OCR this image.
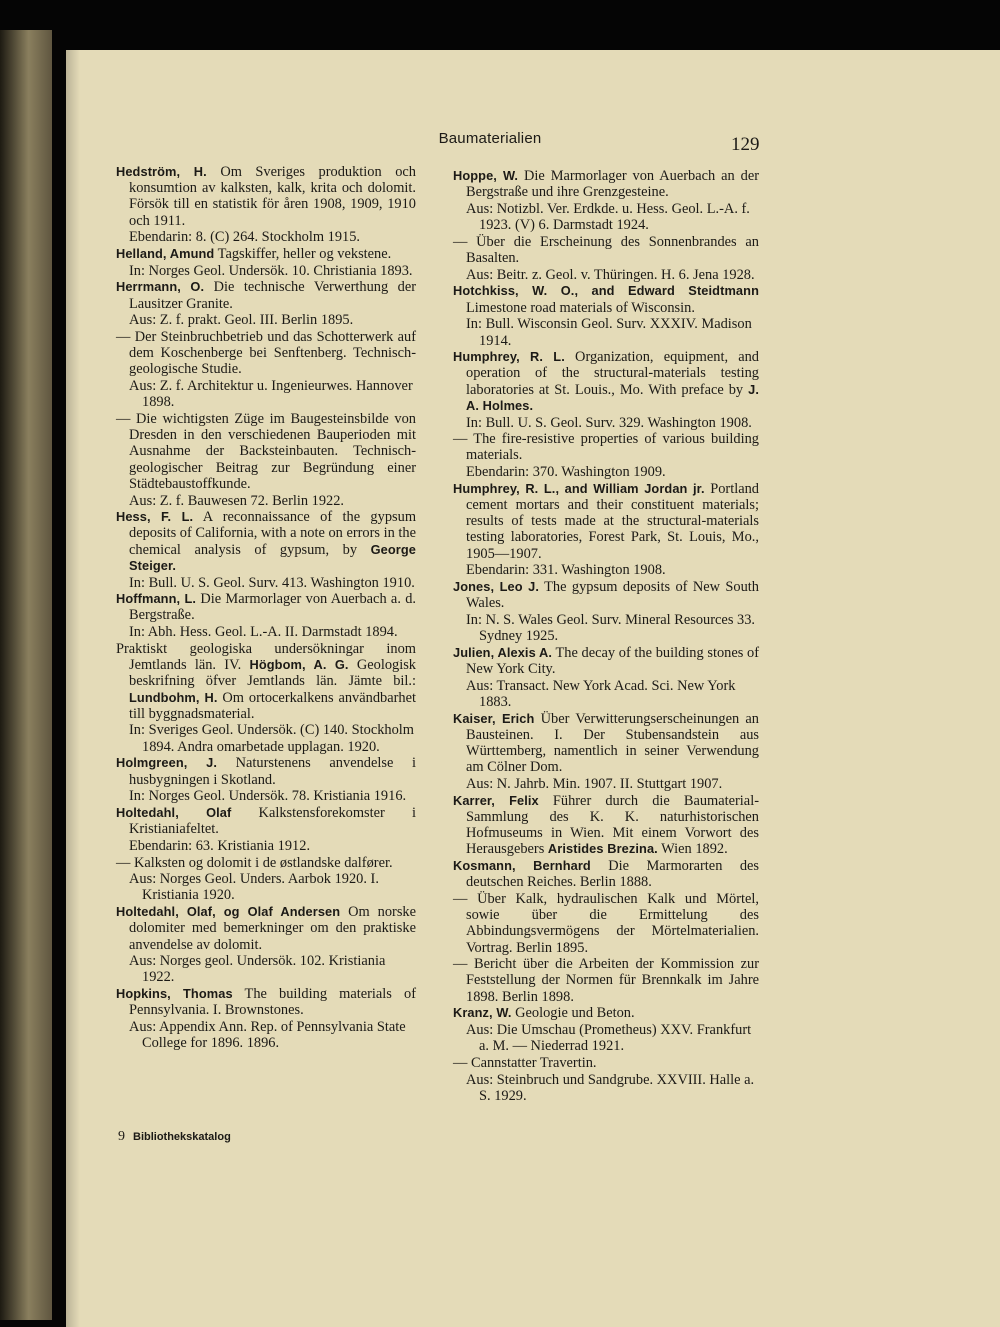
Baumaterialien	129
Hedström, H. Om Sveriges produktion och konsumtion av kalksten, kalk, krita och dolomit. Försök till en statistik för åren 1908, 1909, 1910 och 1911.
Ebendarin: 8. (C) 264. Stockholm 1915.
Helland, Amund Tagskiffer, heller og vekstene.
In: Norges Geol. Undersök. 10. Christiania 1893.
Herrmann, O. Die technische Verwerthung der Lausitzer Granite.
Aus: Z. f. prakt. Geol. III. Berlin 1895.
— Der Steinbruchbetrieb und das Schotterwerk auf dem Koschenberge bei Senftenberg. Technisch-geologische Studie.
Aus: Z. f. Architektur u. Ingenieurwes. Hannover 1898.
— Die wichtigsten Züge im Baugesteinsbilde von Dresden in den verschiedenen Bauperioden mit Ausnahme der Backsteinbauten. Technisch-geologischer Beitrag zur Begründung einer Städtebaustoffkunde.
Aus: Z. f. Bauwesen 72. Berlin 1922.
Hess, F. L. A reconnaissance of the gypsum deposits of California, with a note on errors in the chemical analysis of gypsum, by George Steiger.
In: Bull. U. S. Geol. Surv. 413. Washington 1910.
Hoffmann, L. Die Marmorlager von Auerbach a. d. Bergstraße.
In: Abh. Hess. Geol. L.-A. II. Darmstadt 1894.
Praktiskt geologiska undersökningar inom Jemtlands län. IV. Högbom, A. G. Geologisk beskrifning öfver Jemtlands län. Jämte bil.: Lundbohm, H. Om ortocerkalkens användbarhet till byggnadsmaterial.
In: Sveriges Geol. Undersök. (C) 140. Stockholm 1894. Andra omarbetade upplagan. 1920.
Holmgreen, J. Naturstenens anvendelse i husbygningen i Skotland.
In: Norges Geol. Undersök. 78. Kristiania 1916.
Holtedahl, Olaf Kalkstensforekomster i Kristianiafeltet.
Ebendarin: 63. Kristiania 1912.
— Kalksten og dolomit i de østlandske dalfører.
Aus: Norges Geol. Unders. Aarbok 1920. I. Kristiania 1920.
Holtedahl, Olaf, og Olaf Andersen Om norske dolomiter med bemerkninger om den praktiske anvendelse av dolomit.
Aus: Norges geol. Undersök. 102. Kristiania 1922.
Hopkins, Thomas The building materials of Pennsylvania. I. Brownstones.
Aus: Appendix Ann. Rep. of Pennsylvania State College for 1896. 1896.
Hoppe, W. Die Marmorlager von Auerbach an der Bergstraße und ihre Grenzgesteine.
Aus: Notizbl. Ver. Erdkde. u. Hess. Geol. L.-A. f. 1923. (V) 6. Darmstadt 1924.
— Über die Erscheinung des Sonnenbrandes an Basalten.
Aus: Beitr. z. Geol. v. Thüringen. H. 6. Jena 1928.
Hotchkiss, W. O., and Edward Steidtmann Limestone road materials of Wisconsin.
In: Bull. Wisconsin Geol. Surv. XXXIV. Madison 1914.
Humphrey, R. L. Organization, equipment, and operation of the structural-materials testing laboratories at St. Louis., Mo. With preface by J. A. Holmes.
In: Bull. U. S. Geol. Surv. 329. Washington 1908.
— The fire-resistive properties of various building materials.
Ebendarin: 370. Washington 1909.
Humphrey, R. L., and William Jordan jr. Portland cement mortars and their constituent materials; results of tests made at the structural-materials testing laboratories, Forest Park, St. Louis, Mo., 1905—1907.
Ebendarin: 331. Washington 1908.
Jones, Leo J. The gypsum deposits of New South Wales.
In: N. S. Wales Geol. Surv. Mineral Resources 33. Sydney 1925.
Julien, Alexis A. The decay of the building stones of New York City.
Aus: Transact. New York Acad. Sci. New York 1883.
Kaiser, Erich Über Verwitterungserscheinungen an Bausteinen. I. Der Stubensandstein aus Württemberg, namentlich in seiner Verwendung am Cölner Dom.
Aus: N. Jahrb. Min. 1907. II. Stuttgart 1907.
Karrer, Felix Führer durch die Baumaterial-Sammlung des K. K. naturhistorischen Hofmuseums in Wien. Mit einem Vorwort des Herausgebers Aristides Brezina. Wien 1892.
Kosmann, Bernhard Die Marmorarten des deutschen Reiches. Berlin 1888.
— Über Kalk, hydraulischen Kalk und Mörtel, sowie über die Ermittelung des Abbindungsvermögens der Mörtelmaterialien. Vortrag. Berlin 1895.
— Bericht über die Arbeiten der Kommission zur Feststellung der Normen für Brennkalk im Jahre 1898. Berlin 1898.
Kranz, W. Geologie und Beton.
Aus: Die Umschau (Prometheus) XXV. Frankfurt a. M. — Niederrad 1921.
— Cannstatter Travertin.
Aus: Steinbruch und Sandgrube. XXVIII. Halle a. S. 1929.
9 Bibliothekskatalog
